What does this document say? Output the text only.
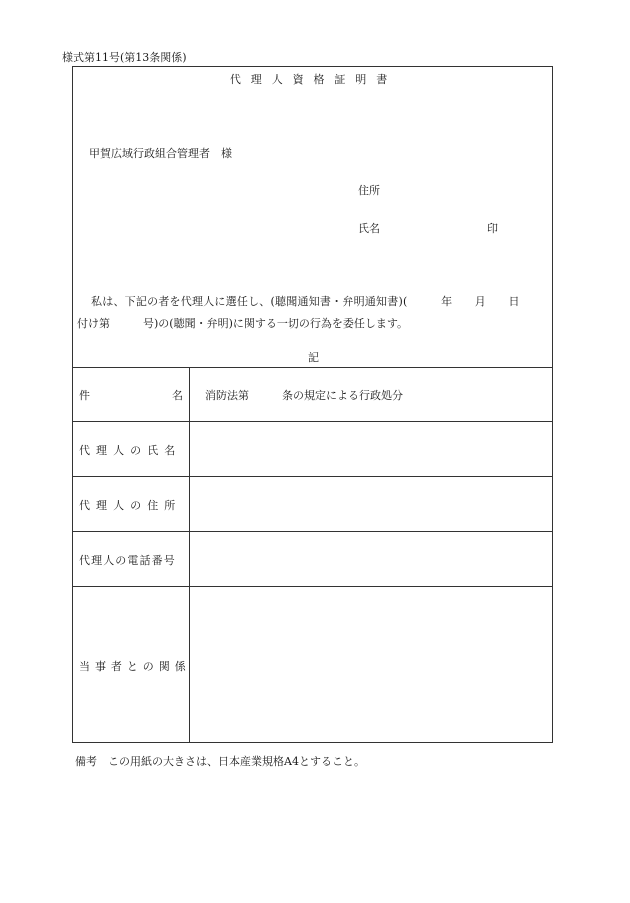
様式第11号(第13条関係)
代理人資格証明書
甲賀広域行政組合管理者　様
住所
氏名	印
私は、下記の者を代理人に選任し、(聴聞通知書・弁明通知書)(　　　年　　月　　日
付け第　　　号)の(聴聞・弁明)に関する一切の行為を委任します。
記
件	名 消防法第　　　条の規定による行政処分
代理人の氏名
代理人の住所
代理人の電話番号
当事者との関係
備考　この用紙の大きさは、日本産業規格A4とすること。
